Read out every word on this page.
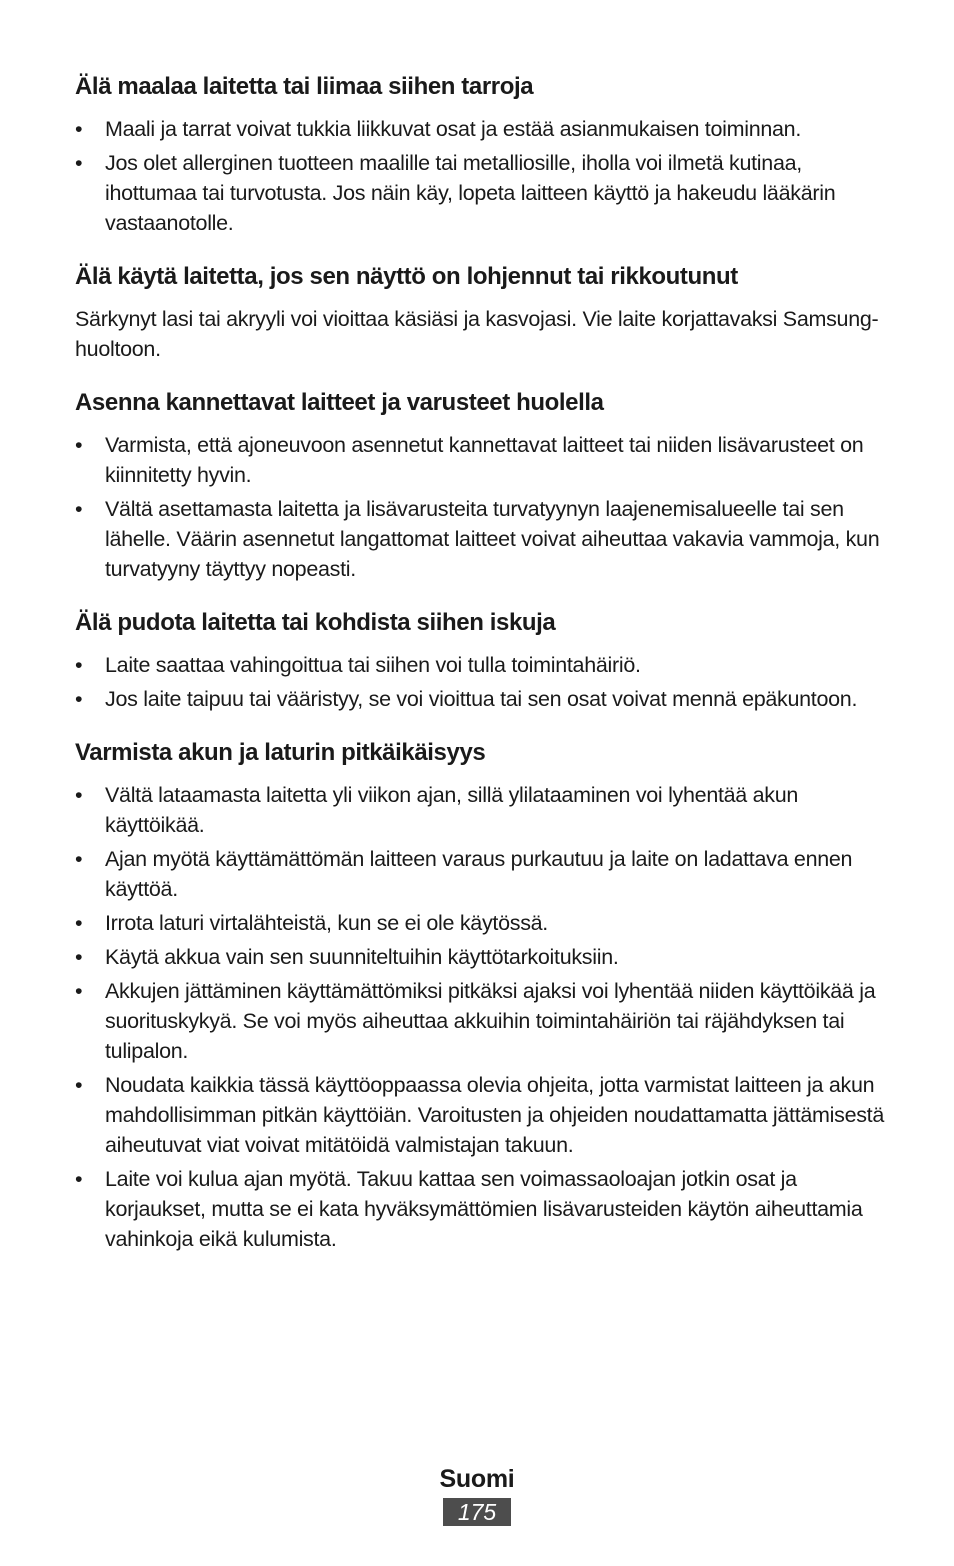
Älä maalaa laitetta tai liimaa siihen tarroja
•	Maali ja tarrat voivat tukkia liikkuvat osat ja estää asianmukaisen toiminnan.
•	Jos olet allerginen tuotteen maalille tai metalliosille, iholla voi ilmetä kutinaa, ihottumaa tai turvotusta. Jos näin käy, lopeta laitteen käyttö ja hakeudu lääkärin vastaanotolle.
Älä käytä laitetta, jos sen näyttö on lohjennut tai rikkoutunut

Särkynyt lasi tai akryyli voi vioittaa käsiäsi ja kasvojasi. Vie laite korjattavaksi Samsung-huoltoon.

Asenna kannettavat laitteet ja varusteet huolella
•	Varmista, että ajoneuvoon asennetut kannettavat laitteet tai niiden lisävarusteet on kiinnitetty hyvin.
•	Vältä asettamasta laitetta ja lisävarusteita turvatyynyn laajenemisalueelle tai sen lähelle. Väärin asennetut langattomat laitteet voivat aiheuttaa vakavia vammoja, kun turvatyyny täyttyy nopeasti.
Älä pudota laitetta tai kohdista siihen iskuja
•	Laite saattaa vahingoittua tai siihen voi tulla toimintahäiriö.
•	Jos laite taipuu tai vääristyy, se voi vioittua tai sen osat voivat mennä epäkuntoon.
Varmista akun ja laturin pitkäikäisyys
•	Vältä lataamasta laitetta yli viikon ajan, sillä ylilataaminen voi lyhentää akun käyttöikää.
•	Ajan myötä käyttämättömän laitteen varaus purkautuu ja laite on ladattava ennen käyttöä.
•	Irrota laturi virtalähteistä, kun se ei ole käytössä.
•	Käytä akkua vain sen suunniteltuihin käyttötarkoituksiin.
•	Akkujen jättäminen käyttämättömiksi pitkäksi ajaksi voi lyhentää niiden käyttöikää ja suorituskykyä. Se voi myös aiheuttaa akkuihin toimintahäiriön tai räjähdyksen tai tulipalon.
•	Noudata kaikkia tässä käyttöoppaassa olevia ohjeita, jotta varmistat laitteen ja akun mahdollisimman pitkän käyttöiän. Varoitusten ja ohjeiden noudattamatta jättämisestä aiheutuvat viat voivat mitätöidä valmistajan takuun.
•	Laite voi kulua ajan myötä. Takuu kattaa sen voimassaoloajan jotkin osat ja korjaukset, mutta se ei kata hyväksymättömien lisävarusteiden käytön aiheuttamia vahinkoja eikä kulumista.
Suomi
175
